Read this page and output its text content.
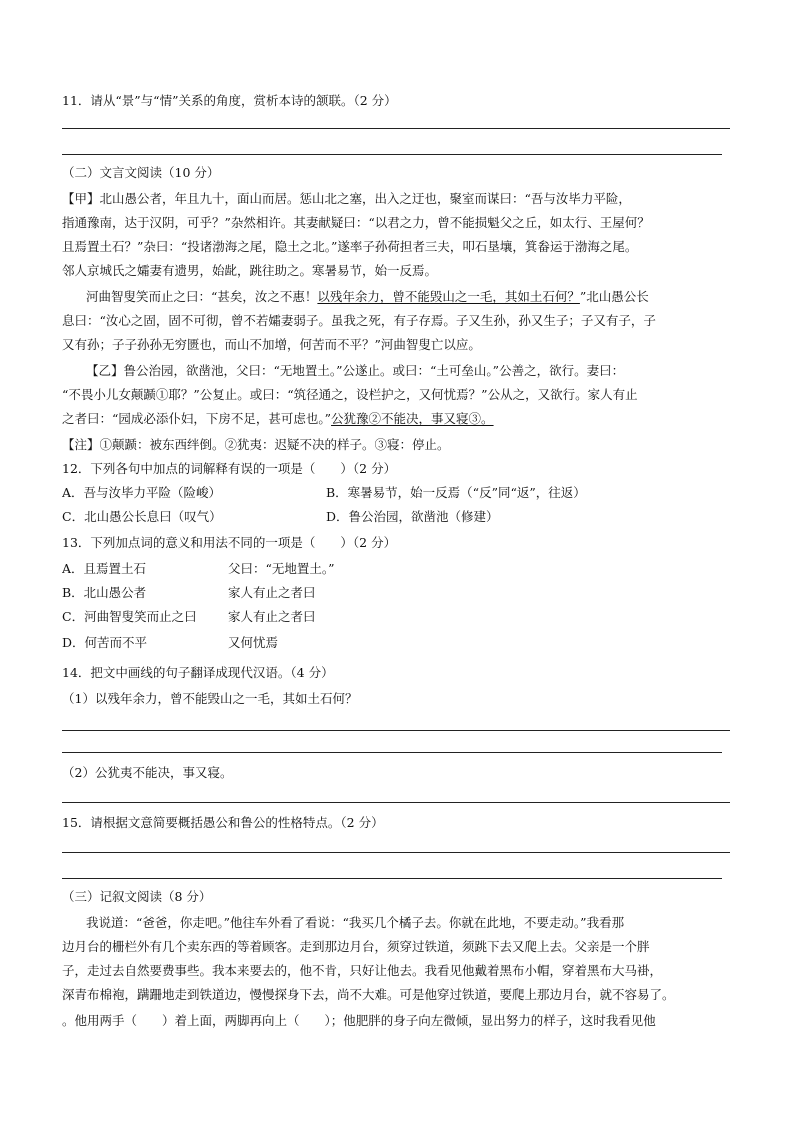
11．请从“景”与“情”关系的角度，赏析本诗的颔联。（2 分）
（二）文言文阅读（10 分）
【甲】北山愚公者，年且九十，面山而居。惩山北之塞，出入之迂也，聚室而谋曰：“吾与汝毕力平险，
指通豫南，达于汉阴，可乎？”杂然相许。其妻献疑曰：“以君之力，曾不能损魁父之丘，如太行、王屋何？
且焉置土石？”杂曰：“投诸渤海之尾，隐土之北。”遂率子孙荷担者三夫，叩石垦壤，箕畚运于渤海之尾。
邻人京城氏之孀妻有遗男，始龀，跳往助之。寒暑易节，始一反焉。
河曲智叟笑而止之曰：“甚矣，汝之不惠！以残年余力，曾不能毁山之一毛，其如土石何？”北山愚公长
息曰：“汝心之固，固不可彻，曾不若孀妻弱子。虽我之死，有子存焉。子又生孙，孙又生子；子又有子，子
又有孙；子子孙孙无穷匮也，而山不加增，何苦而不平？”河曲智叟亡以应。
【乙】鲁公治园，欲凿池，父曰：“无地置土。”公遂止。或曰：“土可垒山。”公善之，欲行。妻曰：
“不畏小儿女颠踬①耶？”公复止。或曰：“筑径通之，设栏护之，又何忧焉？”公从之，又欲行。家人有止
之者曰：“园成必添仆妇，下房不足，甚可虑也。”公犹豫②不能决，事又寝③。
【注】①颠踬：被东西绊倒。②犹夷：迟疑不决的样子。③寝：停止。
12．下列各句中加点的词解释有误的一项是（　　）（2 分）
A．吾与汝毕力平险（险峻）	B．寒暑易节，始一反焉（“反”同“返”，往返）
C．北山愚公长息曰（叹气）	D．鲁公治园，欲凿池（修建）
13．下列加点词的意义和用法不同的一项是（　　）（2 分）
A．且焉置土石	父曰：“无地置土。”
B．北山愚公者	家人有止之者曰
C．河曲智叟笑而止之曰	家人有止之者曰
D．何苦而不平	又何忧焉
14．把文中画线的句子翻译成现代汉语。（4 分）
（1）以残年余力，曾不能毁山之一毛，其如土石何？
（2）公犹夷不能决，事又寝。
15．请根据文意简要概括愚公和鲁公的性格特点。（2 分）
（三）记叙文阅读（8 分）
我说道：“爸爸，你走吧。”他往车外看了看说：“我买几个橘子去。你就在此地，不要走动。”我看那
边月台的栅栏外有几个卖东西的等着顾客。走到那边月台，须穿过铁道，须跳下去又爬上去。父亲是一个胖
子，走过去自然要费事些。我本来要去的，他不肯，只好让他去。我看见他戴着黑布小帽，穿着黑布大马褂，
深青布棉袍，蹒跚地走到铁道边，慢慢探身下去，尚不大难。可是他穿过铁道，要爬上那边月台，就不容易了。
。他用两手（　　）着上面，两脚再向上（　　）；他肥胖的身子向左微倾，显出努力的样子，这时我看见他
